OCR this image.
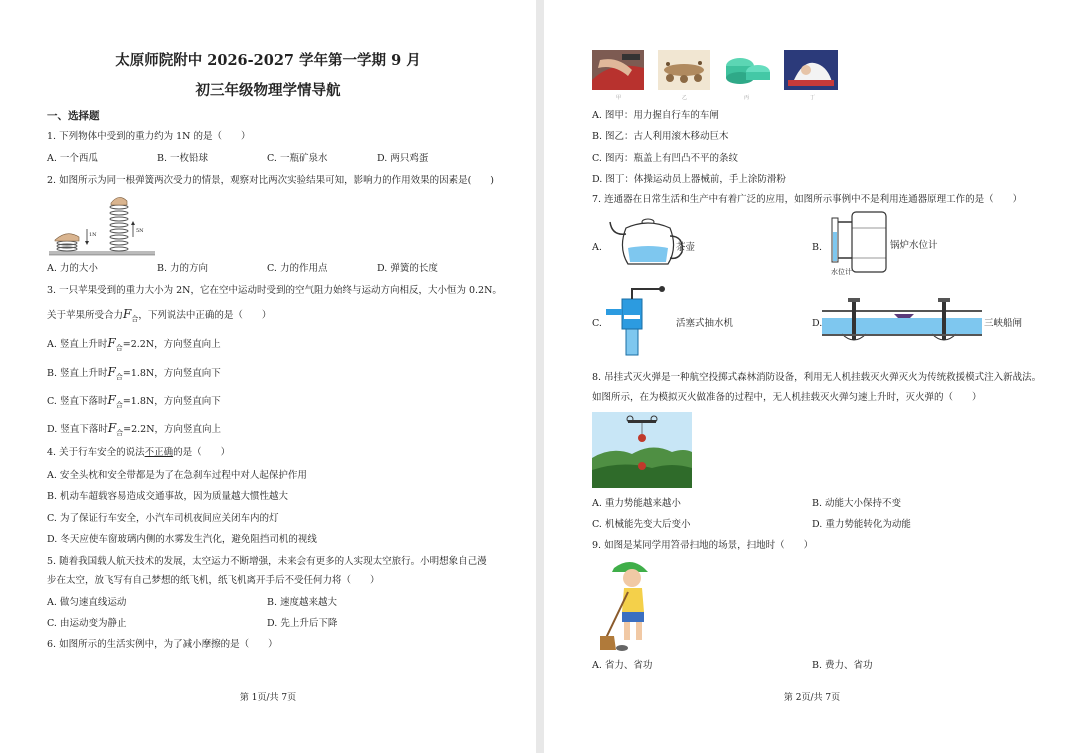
太原师院附中 2026-2027 学年第一学期 9 月
初三年级物理学情导航
一、选择题
1. 下列物体中受到的重力约为 1N 的是（　　）
A. 一个西瓜	B. 一枚铅球	C. 一瓶矿泉水	D. 两只鸡蛋
2. 如图所示为同一根弹簧两次受力的情景，观察对比两次实验结果可知，影响力的作用效果的因素是(　　)
1N
5N
A. 力的大小	B. 力的方向	C. 力的作用点	D. 弹簧的长度
3. 一只苹果受到的重力大小为 2N，它在空中运动时受到的空气阻力始终与运动方向相反，大小恒为 0.2N。
关于苹果所受合力$F_合$，下列说法中正确的是（　　）
A. 竖直上升时$F_合=2.2N$，方向竖直向上
B. 竖直上升时$F_合=1.8N$，方向竖直向下
C. 竖直下落时$F_合=1.8N$，方向竖直向下
D. 竖直下落时$F_合=2.2N$，方向竖直向上
4. 关于行车安全的说法不正确的是（　　）
A. 安全头枕和安全带都是为了在急刹车过程中对人起保护作用
B. 机动车超载容易造成交通事故，因为质量越大惯性越大
C. 为了保证行车安全，小汽车司机夜间应关闭车内的灯
D. 冬天应使车窗玻璃内侧的水雾发生汽化，避免阻挡司机的视线
5. 随着我国载人航天技术的发展，太空运力不断增强，未来会有更多的人实现太空旅行。小明想象自己漫
步在太空，放飞写有自己梦想的纸飞机，纸飞机离开手后不受任何力将（　　）
A. 做匀速直线运动	B. 速度越来越大
C. 由运动变为静止	D. 先上升后下降
6. 如图所示的生活实例中，为了减小摩擦的是（　　）
第 1页/共 7页
甲	乙	丙	丁
A. 图甲：用力握自行车的车闸
B. 图乙：古人利用滚木移动巨木
C. 图丙：瓶盖上有凹凸不平的条纹
D. 图丁：体操运动员上器械前，手上涂防滑粉
7. 连通器在日常生活和生产中有着广泛的应用，如图所示事例中不是利用连通器原理工作的是（　　）
A.	茶壶	B.	锅炉水位计
水位计
C.	活塞式抽水机	D.	三峡船闸
8. 吊挂式灭火弹是一种航空投掷式森林消防设备，利用无人机挂载灭火弹灭火为传统救援模式注入新战法。
如图所示，在为模拟灭火做准备的过程中，无人机挂载灭火弹匀速上升时，灭火弹的（　　）
A. 重力势能越来越小	B. 动能大小保持不变
C. 机械能先变大后变小	D. 重力势能转化为动能
9. 如图是某同学用笤帚扫地的场景，扫地时（　　）
A. 省力、省功	B. 费力、省功
第 2页/共 7页
